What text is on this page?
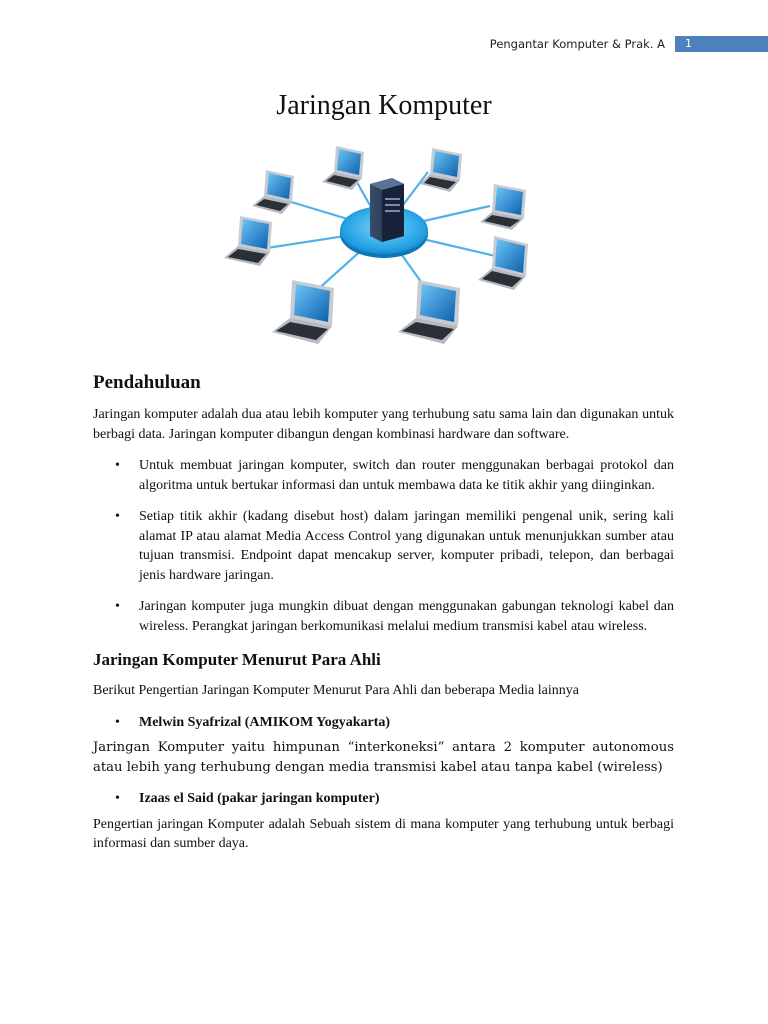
Pengantar Komputer & Prak. A	1
Jaringan Komputer
Pendahuluan

Jaringan komputer adalah dua atau lebih komputer yang terhubung satu sama lain dan digunakan untuk berbagi data. Jaringan komputer dibangun dengan kombinasi hardware dan software.

• Untuk membuat jaringan komputer, switch dan router menggunakan berbagai protokol dan algoritma untuk bertukar informasi dan untuk membawa data ke titik akhir yang diinginkan.
• Setiap titik akhir (kadang disebut host) dalam jaringan memiliki pengenal unik, sering kali alamat IP atau alamat Media Access Control yang digunakan untuk menunjukkan sumber atau tujuan transmisi. Endpoint dapat mencakup server, komputer pribadi, telepon, dan berbagai jenis hardware jaringan.
• Jaringan komputer juga mungkin dibuat dengan menggunakan gabungan teknologi kabel dan wireless. Perangkat jaringan berkomunikasi melalui medium transmisi kabel atau wireless.
Jaringan Komputer Menurut Para Ahli

Berikut Pengertian Jaringan Komputer Menurut Para Ahli dan beberapa Media lainnya

• Melwin Syafrizal (AMIKOM Yogyakarta)

Jaringan Komputer yaitu himpunan “interkoneksi” antara 2 komputer autonomous atau lebih yang terhubung dengan media transmisi kabel atau tanpa kabel (wireless)

• Izaas el Said (pakar jaringan komputer)

Pengertian jaringan Komputer adalah Sebuah sistem di mana komputer yang terhubung untuk berbagi informasi dan sumber daya.
